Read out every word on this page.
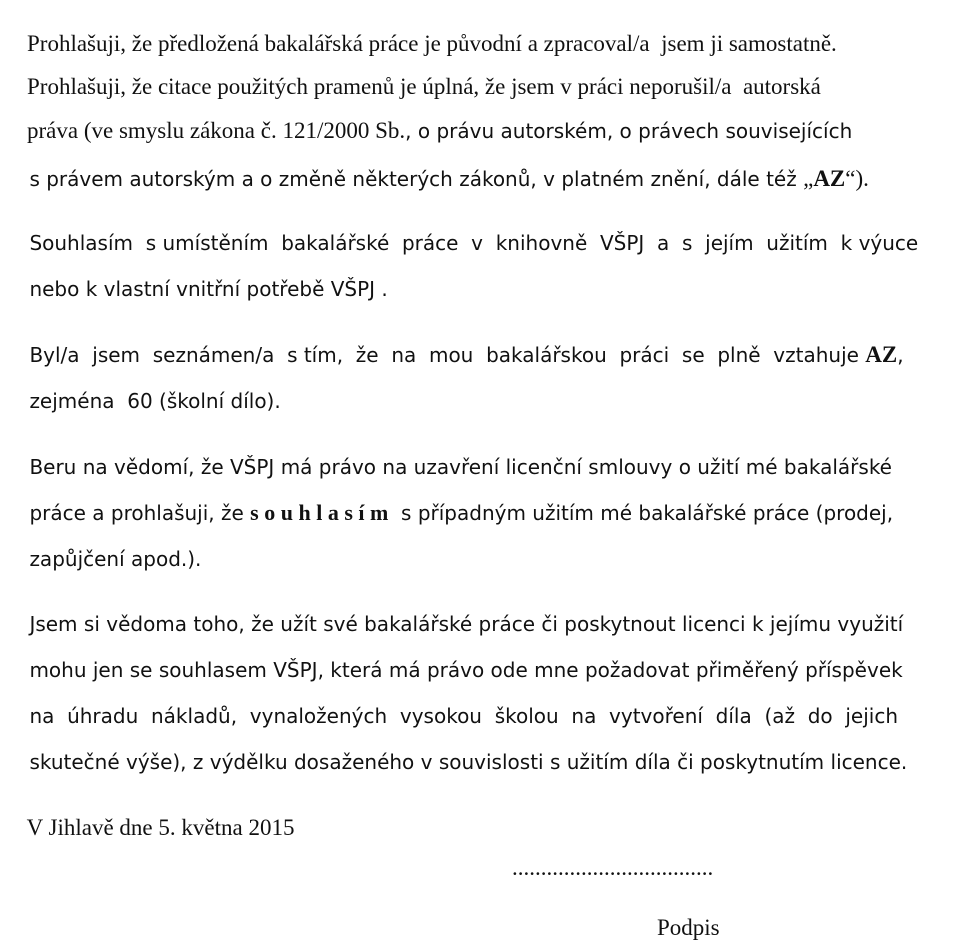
Prohlašuji, že předložená bakalářská práce je původní a zpracoval/a  jsem ji samostatně.

Prohlašuji, že citace použitých pramenů je úplná, že jsem v práci neporušil/a  autorská

práva (ve smyslu zákona č. 121/2000 Sb., o právu autorském, o právech souvisejících

s právem autorským a o změně některých zákonů, v platném znění, dále též „AZ“).

Souhlasím  s umístěním  bakalářské  práce  v  knihovně  VŠPJ  a  s  jejím  užitím  k výuce

nebo k vlastní vnitřní potřebě VŠPJ .

Byl/a  jsem  seznámen/a  s tím,  že  na  mou  bakalářskou  práci  se  plně  vztahuje AZ,

zejména  60 (školní dílo).

Beru na vědomí, že VŠPJ má právo na uzavření licenční smlouvy o užití mé bakalářské

práce a prohlašuji, že s o u h l a s í m  s případným užitím mé bakalářské práce (prodej,

zapůjčení apod.).

Jsem si vědoma toho, že užít své bakalářské práce či poskytnout licenci k jejímu využití

mohu jen se souhlasem VŠPJ, která má právo ode mne požadovat přiměřený příspěvek

na  úhradu  nákladů,  vynaložených  vysokou  školou  na  vytvoření  díla  (až  do  jejich

skutečné výše), z výdělku dosaženého v souvislosti s užitím díla či poskytnutím licence.

V Jihlavě dne 5. května 2015

...................................
Podpis
